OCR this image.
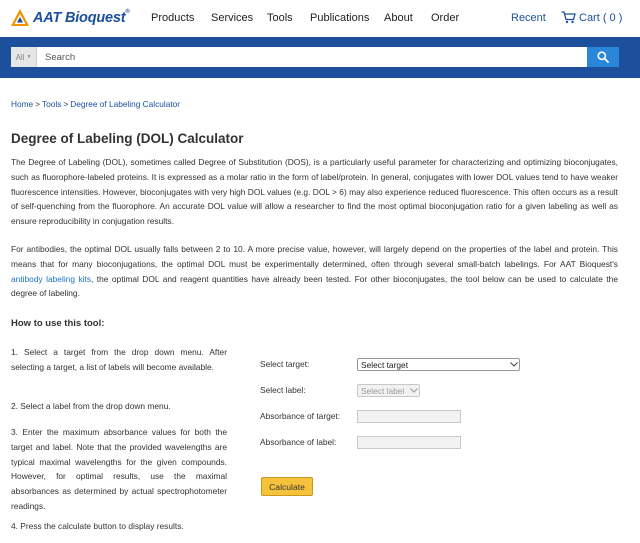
AAT Bioquest® Products Services Tools Publications About Order	Recent	Cart ( 0 )
All ▼
Search
Home > Tools > Degree of Labeling Calculator
Degree of Labeling (DOL) Calculator

The Degree of Labeling (DOL), sometimes called Degree of Substitution (DOS), is a particularly useful parameter for characterizing and optimizing bioconjugates, such as fluorophore-labeled proteins. It is expressed as a molar ratio in the form of label/protein. In general, conjugates with lower DOL values tend to have weaker fluorescence intensities. However, bioconjugates with very high DOL values (e.g. DOL > 6) may also experience reduced fluorescence. This often occurs as a result of self-quenching from the fluorophore. An accurate DOL value will allow a researcher to find the most optimal bioconjugation ratio for a given labeling as well as ensure reproducibility in conjugation results.

For antibodies, the optimal DOL usually falls between 2 to 10. A more precise value, however, will largely depend on the properties of the label and protein. This means that for many bioconjugations, the optimal DOL must be experimentally determined, often through several small-batch labelings. For AAT Bioquest's antibody labeling kits, the optimal DOL and reagent quantities have already been tested. For other bioconjugates, the tool below can be used to calculate the degree of labeling.

How to use this tool:

1. Select a target from the drop down menu. After selecting a target, a list of labels will become available.

2. Select a label from the drop down menu.

3. Enter the maximum absorbance values for both the target and label. Note that the provided wavelengths are typical maximal wavelengths for the given compounds. However, for optimal results, use the maximal absorbances as determined by actual spectrophotometer readings.

4. Press the calculate button to display results.

Select target:	Select target
Select label:	Select label
Absorbance of target:
Absorbance of label:
Calculate
